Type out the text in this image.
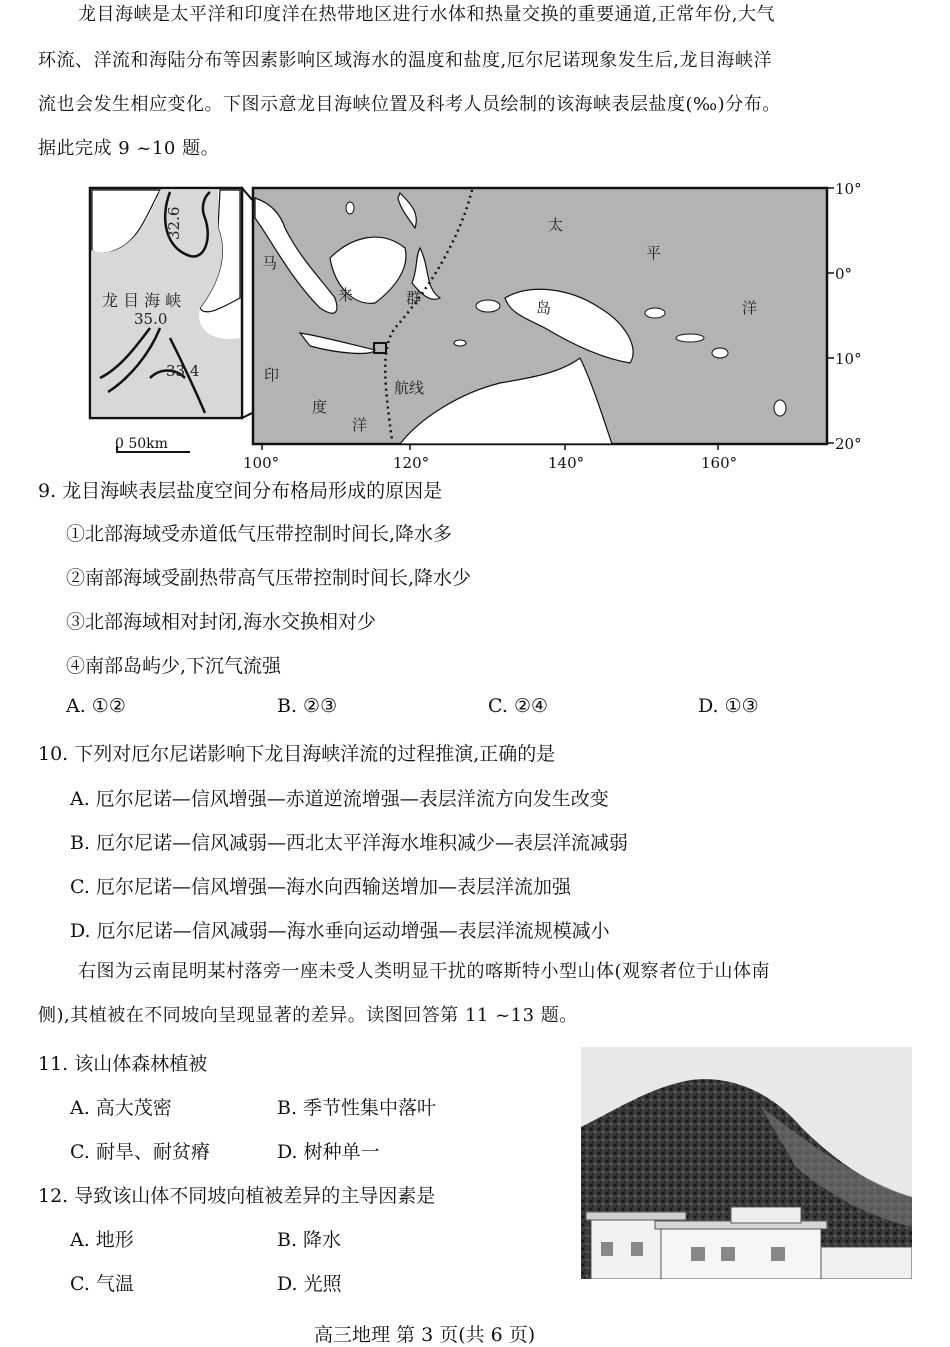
龙目海峡是太平洋和印度洋在热带地区进行水体和热量交换的重要通道,正常年份,大气
环流、洋流和海陆分布等因素影响区域海水的温度和盐度,厄尔尼诺现象发生后,龙目海峡洋
流也会发生相应变化。下图示意龙目海峡位置及科考人员绘制的该海峡表层盐度(‰)分布。
据此完成 9 ~10 题。
32.6
35.0
33.4
龙 目 海 峡
0 50km
马
来	群
岛
太
平
洋
印
度
洋
航线
10°
0°
10°
20°
100°	120°	140°	160°
9. 龙目海峡表层盐度空间分布格局形成的原因是
①北部海域受赤道低气压带控制时间长,降水多
②南部海域受副热带高气压带控制时间长,降水少
③北部海域相对封闭,海水交换相对少
④南部岛屿少,下沉气流强
A. ①②	B. ②③	C. ②④	D. ①③
10. 下列对厄尔尼诺影响下龙目海峡洋流的过程推演,正确的是
A. 厄尔尼诺—信风增强—赤道逆流增强—表层洋流方向发生改变
B. 厄尔尼诺—信风减弱—西北太平洋海水堆积减少—表层洋流减弱
C. 厄尔尼诺—信风增强—海水向西输送增加—表层洋流加强
D. 厄尔尼诺—信风减弱—海水垂向运动增强—表层洋流规模减小
右图为云南昆明某村落旁一座未受人类明显干扰的喀斯特小型山体(观察者位于山体南
侧),其植被在不同坡向呈现显著的差异。读图回答第 11 ~13 题。
11. 该山体森林植被
A. 高大茂密	B. 季节性集中落叶
C. 耐旱、耐贫瘠	D. 树种单一
12. 导致该山体不同坡向植被差异的主导因素是
A. 地形	B. 降水
C. 气温	D. 光照
高三地理 第 3 页(共 6 页)
